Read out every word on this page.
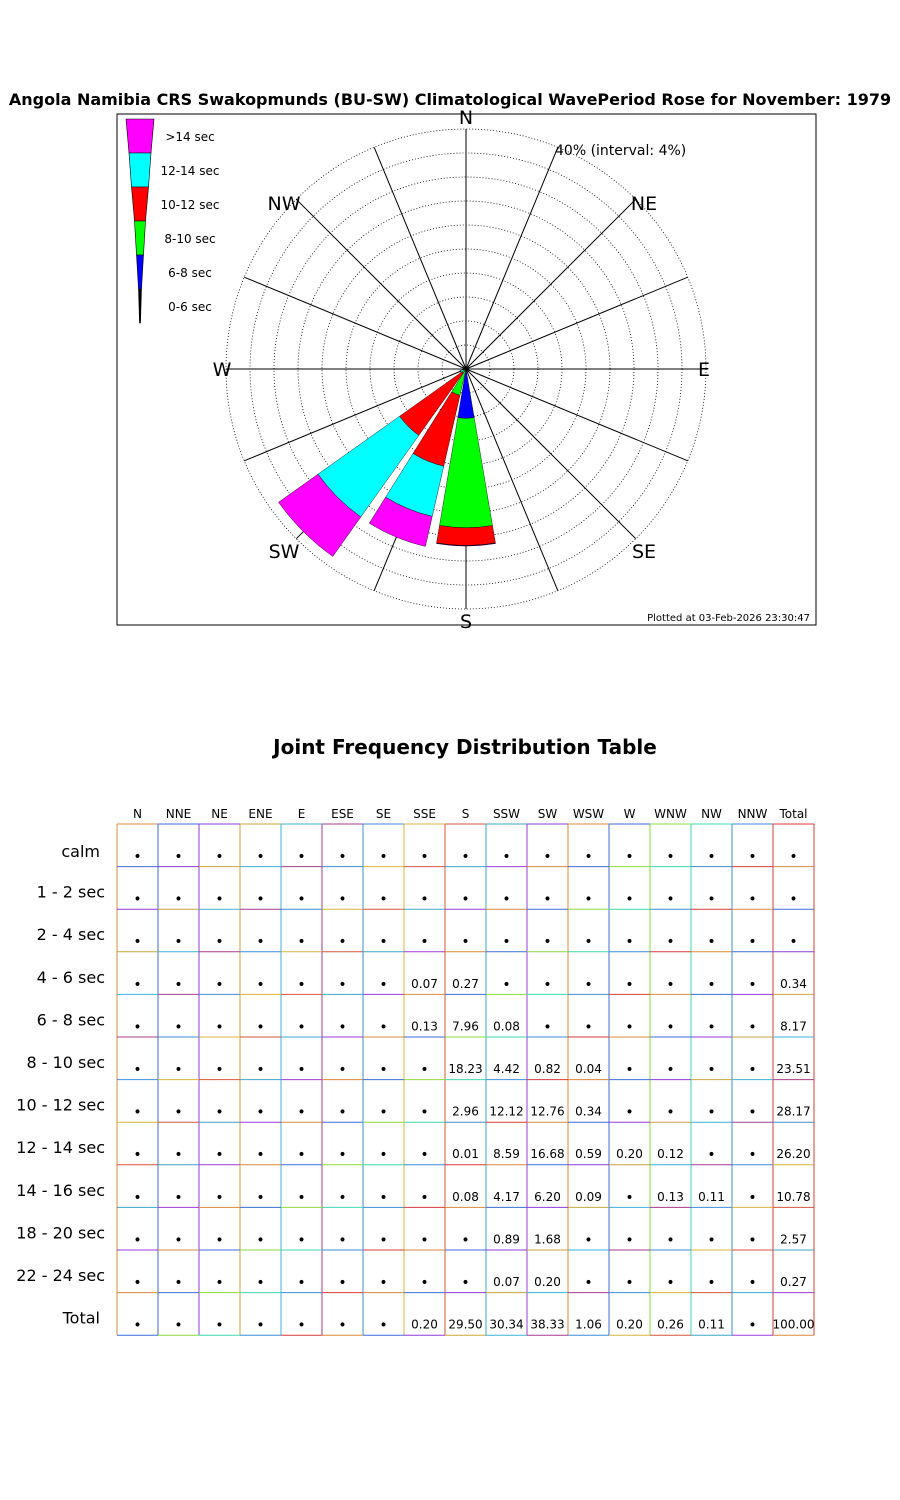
N
NE
E
SE
S
SW
W
NW
40% (interval: 4%)
>14 sec
12-14 sec
10-12 sec
8-10 sec
6-8 sec
0-6 sec
Plotted at 03-Feb-2026 23:30:47
Angola Namibia CRS Swakopmunds (BU-SW) Climatological WavePeriod Rose for November: 1979
Joint Frequency Distribution Table
N NNE NE ENE E ESE SE SSE S SSW SW WSW W WNW NW NNW Total
calm
1 - 2 sec
2 - 4 sec
4 - 6 sec
6 - 8 sec
8 - 10 sec
10 - 12 sec
12 - 14 sec
14 - 16 sec
18 - 20 sec
22 - 24 sec
Total
• • • • • • • • • • • • • • • • •
• • • • • • • • • • • • • • • • •
• • • • • • • • • • • • • • • • •
• • • • • • • 0.07 0.27 • • • • • • • 0.34
• • • • • • • 0.13 7.96 0.08 • • • • • • 8.17
• • • • • • • • 18.23 4.42 0.82 0.04 • • • • 23.51
• • • • • • • • 2.96 12.12 12.76 0.34 • • • • 28.17
• • • • • • • • 0.01 8.59 16.68 0.59 0.20 0.12 • • 26.20
• • • • • • • • 0.08 4.17 6.20 0.09 • 0.13 0.11 • 10.78
• • • • • • • • • 0.89 1.68 • • • • • 2.57
• • • • • • • • • 0.07 0.20 • • • • • 0.27
• • • • • • • 0.20 29.50 30.34 38.33 1.06 0.20 0.26 0.11 • 100.00
